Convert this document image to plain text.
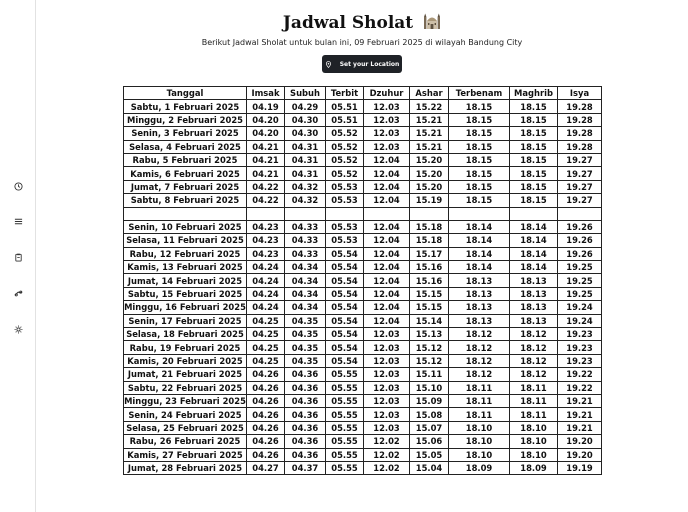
Jadwal Sholat
Berikut Jadwal Sholat untuk bulan ini, 09 Februari 2025 di wilayah Bandung City
Set your Location
Tanggal	Imsak	Subuh	Terbit	Dzuhur	Ashar	Terbenam	Maghrib	Isya
Sabtu, 1 Februari 2025	04.19	04.29	05.51	12.03	15.22	18.15	18.15	19.28
Minggu, 2 Februari 2025	04.20	04.30	05.51	12.03	15.21	18.15	18.15	19.28
Senin, 3 Februari 2025	04.20	04.30	05.52	12.03	15.21	18.15	18.15	19.28
Selasa, 4 Februari 2025	04.21	04.31	05.52	12.03	15.21	18.15	18.15	19.28
Rabu, 5 Februari 2025	04.21	04.31	05.52	12.04	15.20	18.15	18.15	19.27
Kamis, 6 Februari 2025	04.21	04.31	05.52	12.04	15.20	18.15	18.15	19.27
Jumat, 7 Februari 2025	04.22	04.32	05.53	12.04	15.20	18.15	18.15	19.27
Sabtu, 8 Februari 2025	04.22	04.32	05.53	12.04	15.19	18.15	18.15	19.27

Senin, 10 Februari 2025	04.23	04.33	05.53	12.04	15.18	18.14	18.14	19.26
Selasa, 11 Februari 2025	04.23	04.33	05.53	12.04	15.18	18.14	18.14	19.26
Rabu, 12 Februari 2025	04.23	04.33	05.54	12.04	15.17	18.14	18.14	19.26
Kamis, 13 Februari 2025	04.24	04.34	05.54	12.04	15.16	18.14	18.14	19.25
Jumat, 14 Februari 2025	04.24	04.34	05.54	12.04	15.16	18.13	18.13	19.25
Sabtu, 15 Februari 2025	04.24	04.34	05.54	12.04	15.15	18.13	18.13	19.25
Minggu, 16 Februari 2025	04.24	04.34	05.54	12.04	15.15	18.13	18.13	19.24
Senin, 17 Februari 2025	04.25	04.35	05.54	12.04	15.14	18.13	18.13	19.24
Selasa, 18 Februari 2025	04.25	04.35	05.54	12.03	15.13	18.12	18.12	19.23
Rabu, 19 Februari 2025	04.25	04.35	05.54	12.03	15.12	18.12	18.12	19.23
Kamis, 20 Februari 2025	04.25	04.35	05.54	12.03	15.12	18.12	18.12	19.23
Jumat, 21 Februari 2025	04.26	04.36	05.55	12.03	15.11	18.12	18.12	19.22
Sabtu, 22 Februari 2025	04.26	04.36	05.55	12.03	15.10	18.11	18.11	19.22
Minggu, 23 Februari 2025	04.26	04.36	05.55	12.03	15.09	18.11	18.11	19.21
Senin, 24 Februari 2025	04.26	04.36	05.55	12.03	15.08	18.11	18.11	19.21
Selasa, 25 Februari 2025	04.26	04.36	05.55	12.03	15.07	18.10	18.10	19.21
Rabu, 26 Februari 2025	04.26	04.36	05.55	12.02	15.06	18.10	18.10	19.20
Kamis, 27 Februari 2025	04.26	04.36	05.55	12.02	15.05	18.10	18.10	19.20
Jumat, 28 Februari 2025	04.27	04.37	05.55	12.02	15.04	18.09	18.09	19.19
